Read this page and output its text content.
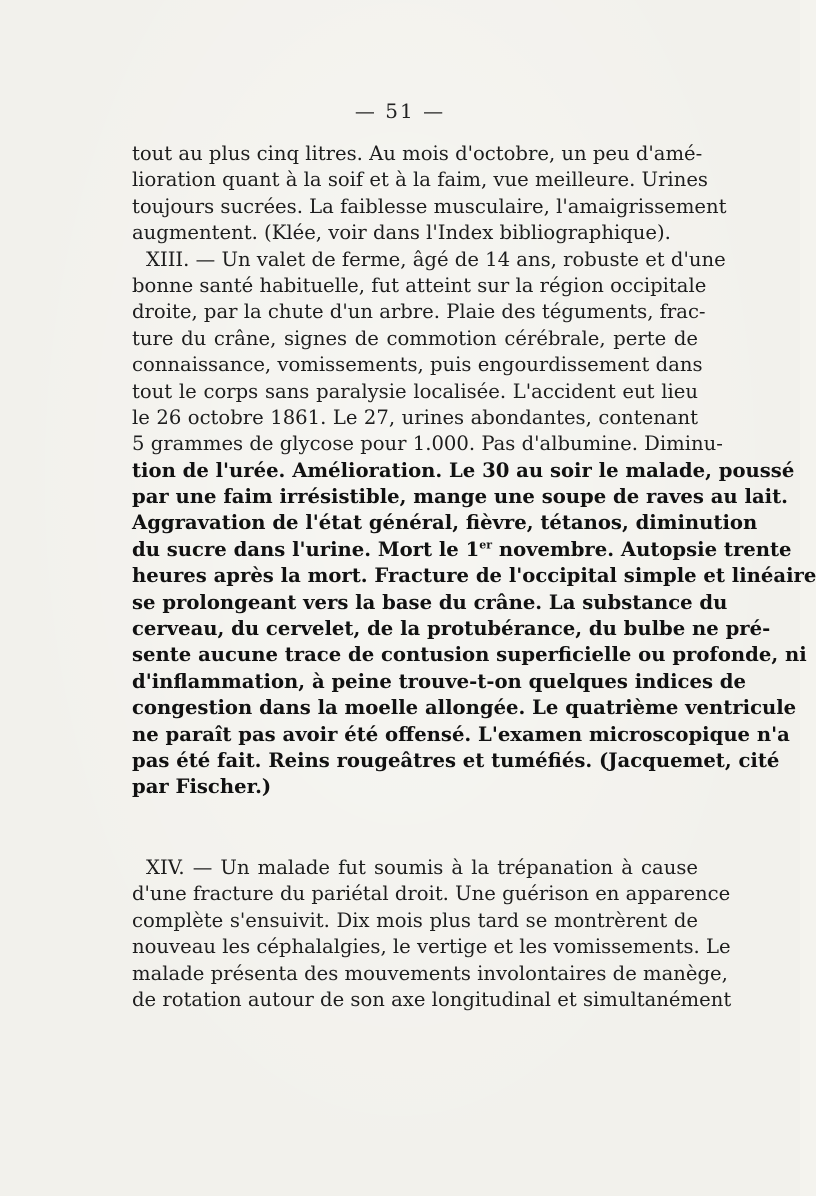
— 51 —
tout au plus cinq litres. Au mois d'octobre, un peu d'amé-
lioration quant à la soif et à la faim, vue meilleure. Urines
toujours sucrées. La faiblesse musculaire, l'amaigrissement
augmentent. (Klée, voir dans l'Index bibliographique).
XIII. — Un valet de ferme, âgé de 14 ans, robuste et d'une
bonne santé habituelle, fut atteint sur la région occipitale
droite, par la chute d'un arbre. Plaie des téguments, frac-
ture du crâne, signes de commotion cérébrale, perte de
connaissance, vomissements, puis engourdissement dans
tout le corps sans paralysie localisée. L'accident eut lieu
le 26 octobre 1861. Le 27, urines abondantes, contenant
5 grammes de glycose pour 1.000. Pas d'albumine. Diminu-
tion de l'urée. Amélioration. Le 30 au soir le malade, poussé
par une faim irrésistible, mange une soupe de raves au lait.
Aggravation de l'état général, fièvre, tétanos, diminution
du sucre dans l'urine. Mort le 1er novembre. Autopsie trente
heures après la mort. Fracture de l'occipital simple et linéaire
se prolongeant vers la base du crâne. La substance du
cerveau, du cervelet, de la protubérance, du bulbe ne pré-
sente aucune trace de contusion superficielle ou profonde, ni
d'inflammation, à peine trouve-t-on quelques indices de
congestion dans la moelle allongée. Le quatrième ventricule
ne paraît pas avoir été offensé. L'examen microscopique n'a
pas été fait. Reins rougeâtres et tuméfiés. (Jacquemet, cité
par Fischer.)
XIV. — Un malade fut soumis à la trépanation à cause
d'une fracture du pariétal droit. Une guérison en apparence
complète s'ensuivit. Dix mois plus tard se montrèrent de
nouveau les céphalalgies, le vertige et les vomissements. Le
malade présenta des mouvements involontaires de manège,
de rotation autour de son axe longitudinal et simultanément
